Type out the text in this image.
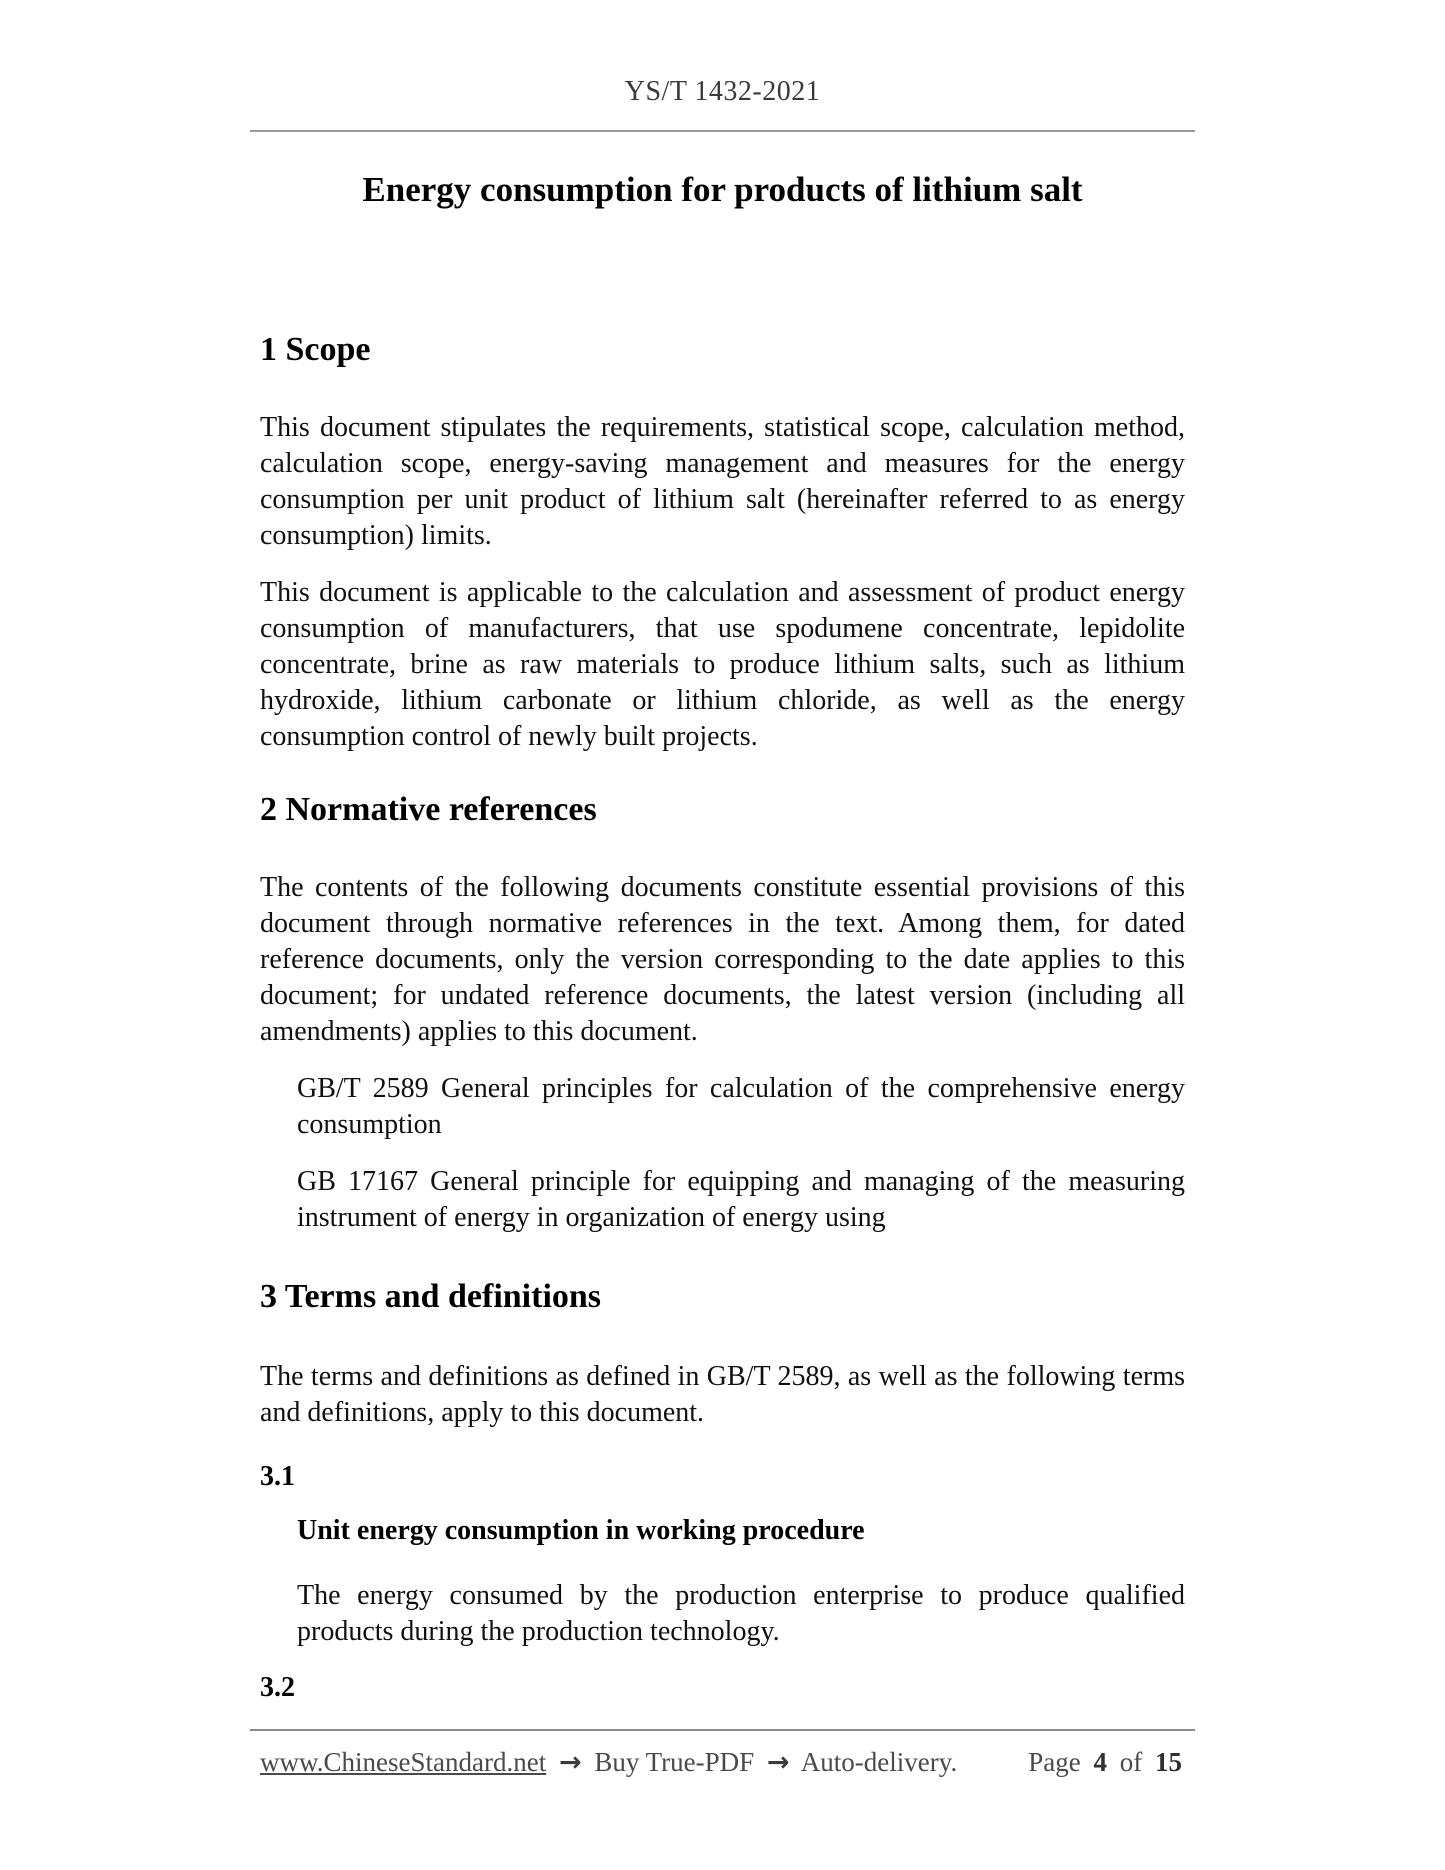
YS/T 1432-2021
Energy consumption for products of lithium salt
1 Scope
This document stipulates the requirements, statistical scope, calculation method, calculation scope, energy-saving management and measures for the energy consumption per unit product of lithium salt (hereinafter referred to as energy consumption) limits.
This document is applicable to the calculation and assessment of product energy consumption of manufacturers, that use spodumene concentrate, lepidolite concentrate, brine as raw materials to produce lithium salts, such as lithium hydroxide, lithium carbonate or lithium chloride, as well as the energy consumption control of newly built projects.
2 Normative references
The contents of the following documents constitute essential provisions of this document through normative references in the text. Among them, for dated reference documents, only the version corresponding to the date applies to this document; for undated reference documents, the latest version (including all amendments) applies to this document.
GB/T 2589 General principles for calculation of the comprehensive energy consumption
GB 17167 General principle for equipping and managing of the measuring instrument of energy in organization of energy using
3 Terms and definitions
The terms and definitions as defined in GB/T 2589, as well as the following terms and definitions, apply to this document.
3.1
Unit energy consumption in working procedure
The energy consumed by the production enterprise to produce qualified products during the production technology.
3.2
www.ChineseStandard.net → Buy True-PDF → Auto-delivery.	Page 4 of 15
